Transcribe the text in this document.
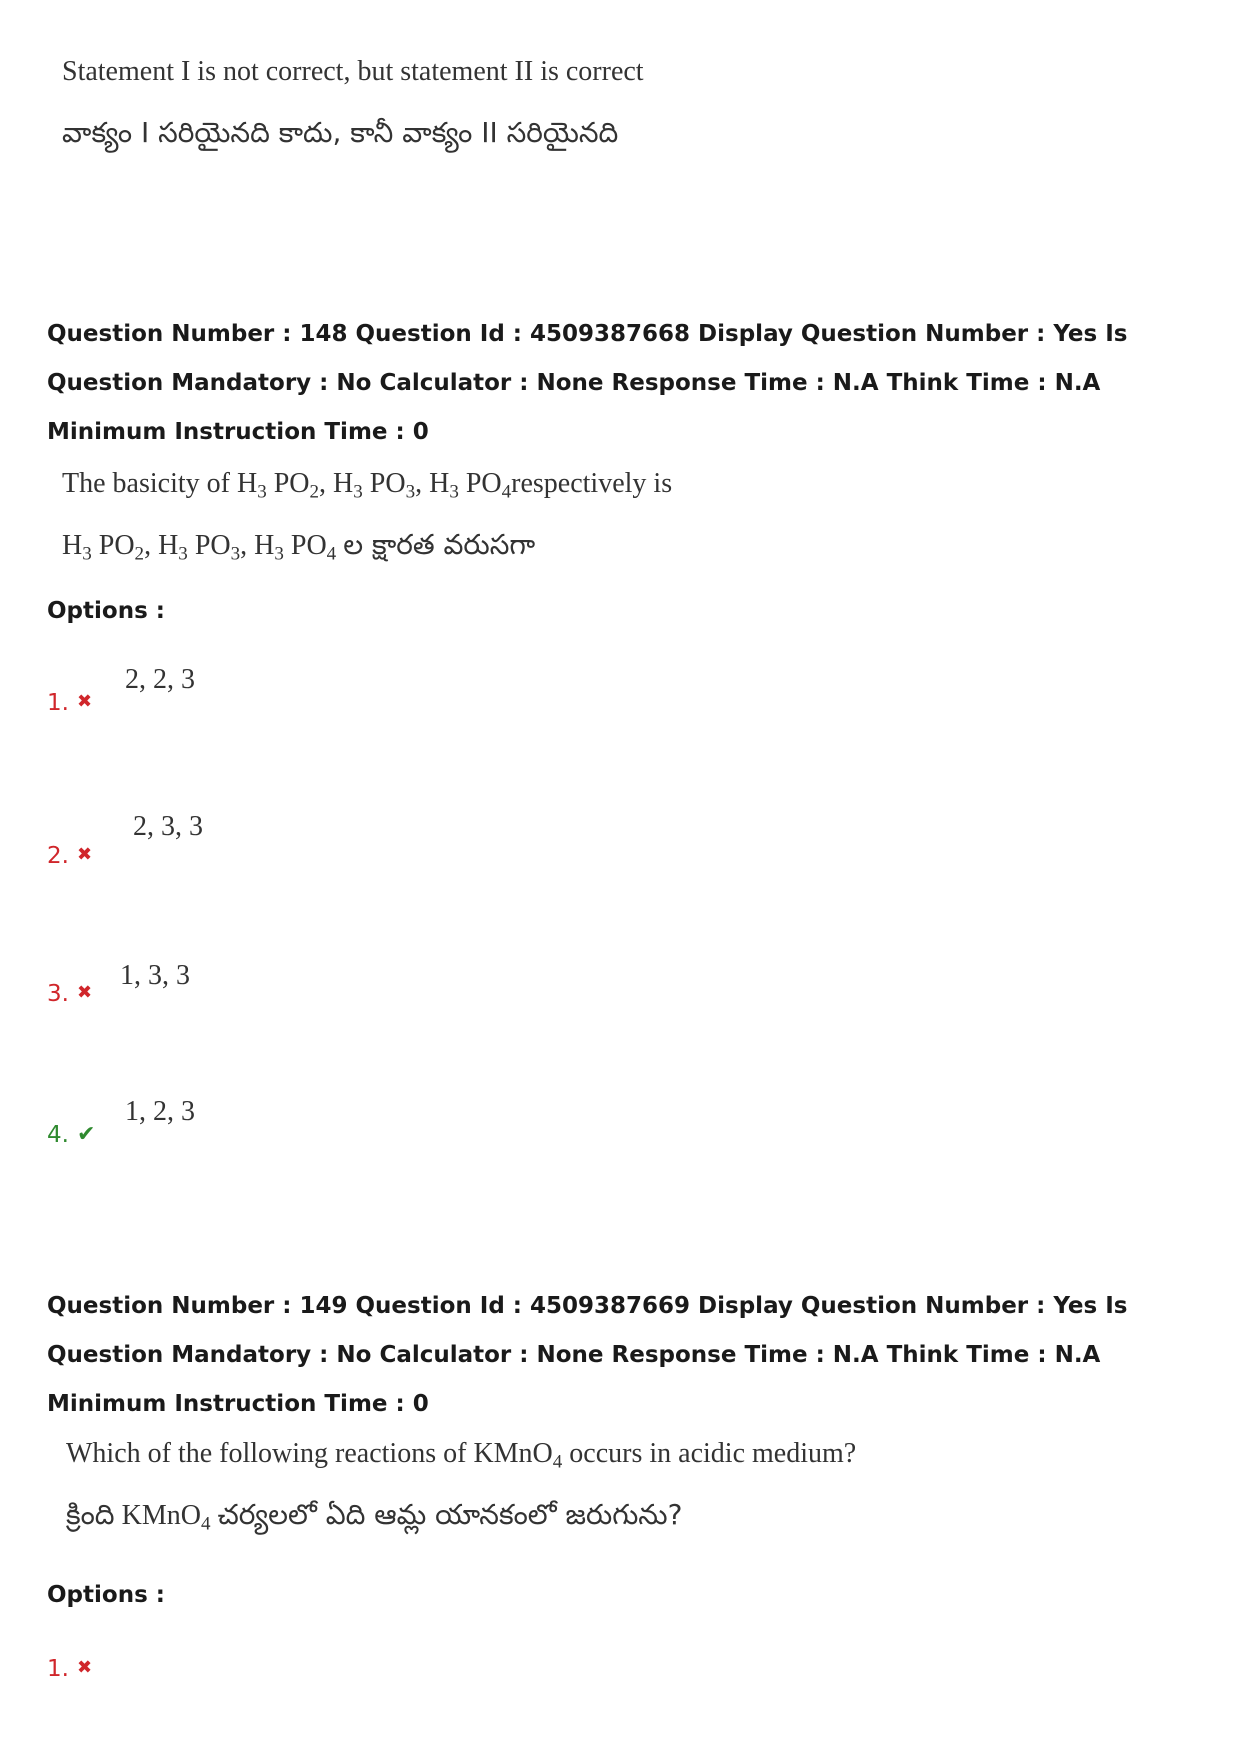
Statement I is not correct, but statement II is correct
వాక్యం I సరియైనది కాదు, కానీ వాక్యం II సరియైనది
Question Number : 148 Question Id : 4509387668 Display Question Number : Yes Is Question Mandatory : No Calculator : None Response Time : N.A Think Time : N.A Minimum Instruction Time : 0
The basicity of $H_3$ $PO_2$, $H_3$ $PO_3$, $H_3$ $PO_4respectively$ is
$H_3$ $PO_2$, $H_3$ $PO_3$, $H_3$ $PO_4$ ల క్షారత వరుసగా
Options :
1. ✖
2, 2, 3
2. ✖
2, 3, 3
3. ✖
1, 3, 3
4. ✔
1, 2, 3
Question Number : 149 Question Id : 4509387669 Display Question Number : Yes Is Question Mandatory : No Calculator : None Response Time : N.A Think Time : N.A Minimum Instruction Time : 0
Which of the following reactions of KMnO$_4$ occurs in acidic medium?
క్రింది KMnO$_4$ చర్యలలో ఏది ఆమ్ల యానకంలో జరుగును?
Options :
1. ✖
